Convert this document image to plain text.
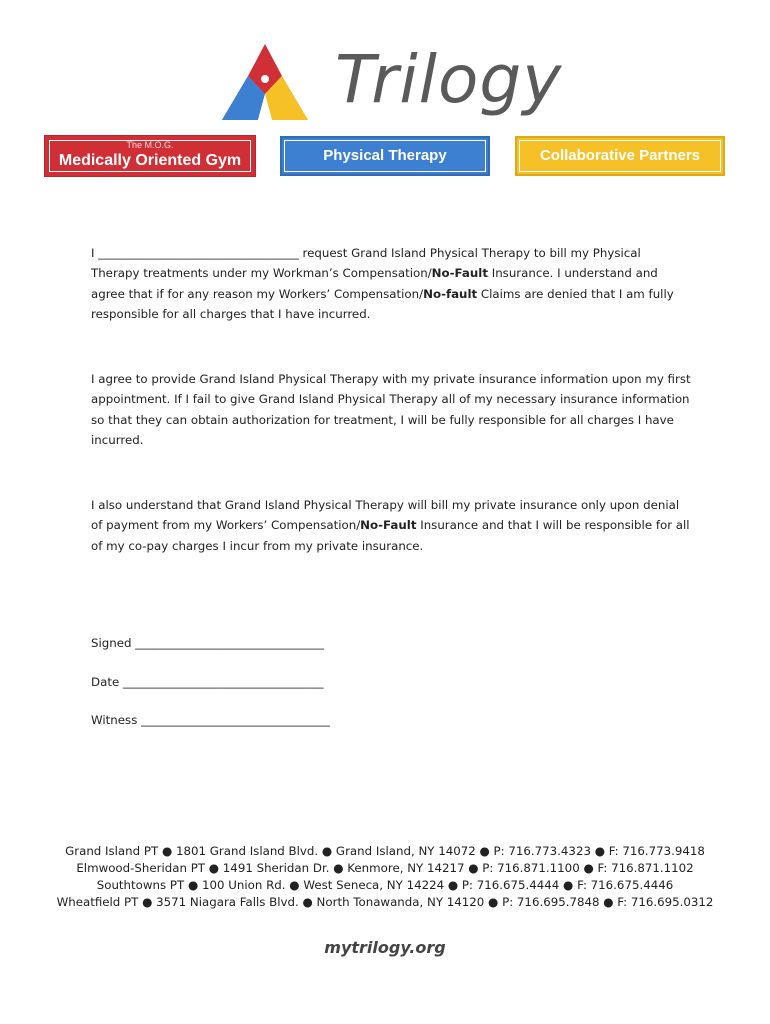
Trilogy
The M.O.G.
Medically Oriented Gym	Physical Therapy	Collaborative Partners
I __________________________________ request Grand Island Physical Therapy to bill my Physical Therapy treatments under my Workman’s Compensation/No-Fault Insurance. I understand and agree that if for any reason my Workers’ Compensation/No-fault Claims are denied that I am fully responsible for all charges that I have incurred.
I agree to provide Grand Island Physical Therapy with my private insurance information upon my first appointment. If I fail to give Grand Island Physical Therapy all of my necessary insurance information so that they can obtain authorization for treatment, I will be fully responsible for all charges I have incurred.
I also understand that Grand Island Physical Therapy will bill my private insurance only upon denial of payment from my Workers’ Compensation/No-Fault Insurance and that I will be responsible for all of my co-pay charges I incur from my private insurance.
Signed ________________________________
Date __________________________________
Witness ________________________________
Grand Island PT ● 1801 Grand Island Blvd. ● Grand Island, NY 14072 ● P: 716.773.4323 ● F: 716.773.9418
Elmwood-Sheridan PT ● 1491 Sheridan Dr. ● Kenmore, NY 14217 ● P: 716.871.1100 ● F: 716.871.1102
Southtowns PT ● 100 Union Rd. ● West Seneca, NY 14224 ● P: 716.675.4444 ● F: 716.675.4446
Wheatfield PT ● 3571 Niagara Falls Blvd. ● North Tonawanda, NY 14120 ● P: 716.695.7848 ● F: 716.695.0312
mytrilogy.org
